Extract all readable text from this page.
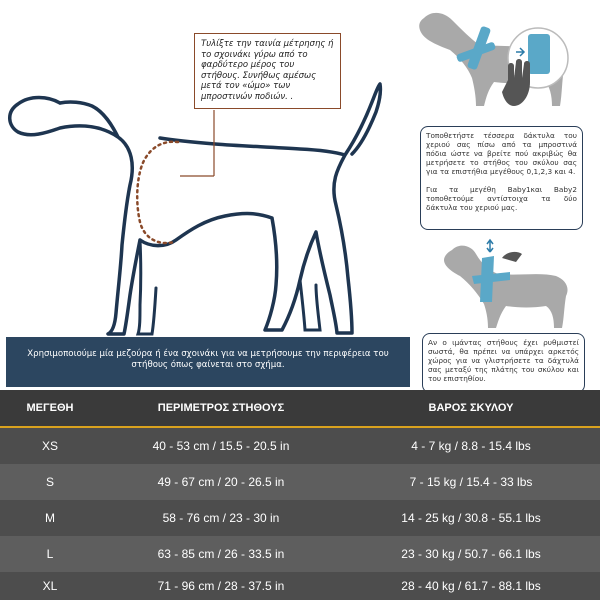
Τυλίξτε την ταινία μέτρησης ή το σχοινάκι γύρω από το φαρδύτερο μέρος του στήθους. Συνήθως αμέσως μετά τον «ώμο» των μπροστινών ποδιών. .
Τοποθετήστε τέσσερα δάκτυλα του χεριού σας πίσω από τα μπροστινά πόδια ώστε να βρείτε πού ακριβώς θα μετρήσετε το στήθος του σκύλου σας για τα επιστήθια μεγέθους 0,1,2,3 και 4.
Για τα μεγέθη Baby1και Baby2 τοποθετούμε αντίστοιχα τα δύο δάκτυλα του χεριού μας.
Αν ο ιμάντας στήθους έχει ρυθμιστεί σωστά, θα πρέπει να υπάρχει αρκετός χώρος για να γλιστρήσετε τα δάχτυλά σας μεταξύ της πλάτης του σκύλου και του επιστηθίου.
Χρησιμοποιούμε μία μεζούρα ή ένα σχοινάκι για να μετρήσουμε την περιφέρεια του στήθους όπως φαίνεται στο σχήμα.
ΜΕΓΕΘΗ	ΠΕΡΙΜΕΤΡΟΣ ΣΤΗΘΟΥΣ	ΒΑΡΟΣ ΣΚΥΛΟΥ
XS	40 - 53 cm / 15.5 - 20.5 in	4 - 7 kg / 8.8 - 15.4 lbs
S	49 - 67 cm / 20 - 26.5 in	7 - 15 kg / 15.4 - 33 lbs
M	58 - 76 cm / 23 - 30 in	14 - 25 kg / 30.8 - 55.1 lbs
L	63 - 85 cm / 26 - 33.5 in	23 - 30 kg / 50.7 - 66.1 lbs
XL	71 - 96 cm / 28 - 37.5 in	28 - 40 kg / 61.7 - 88.1 lbs
